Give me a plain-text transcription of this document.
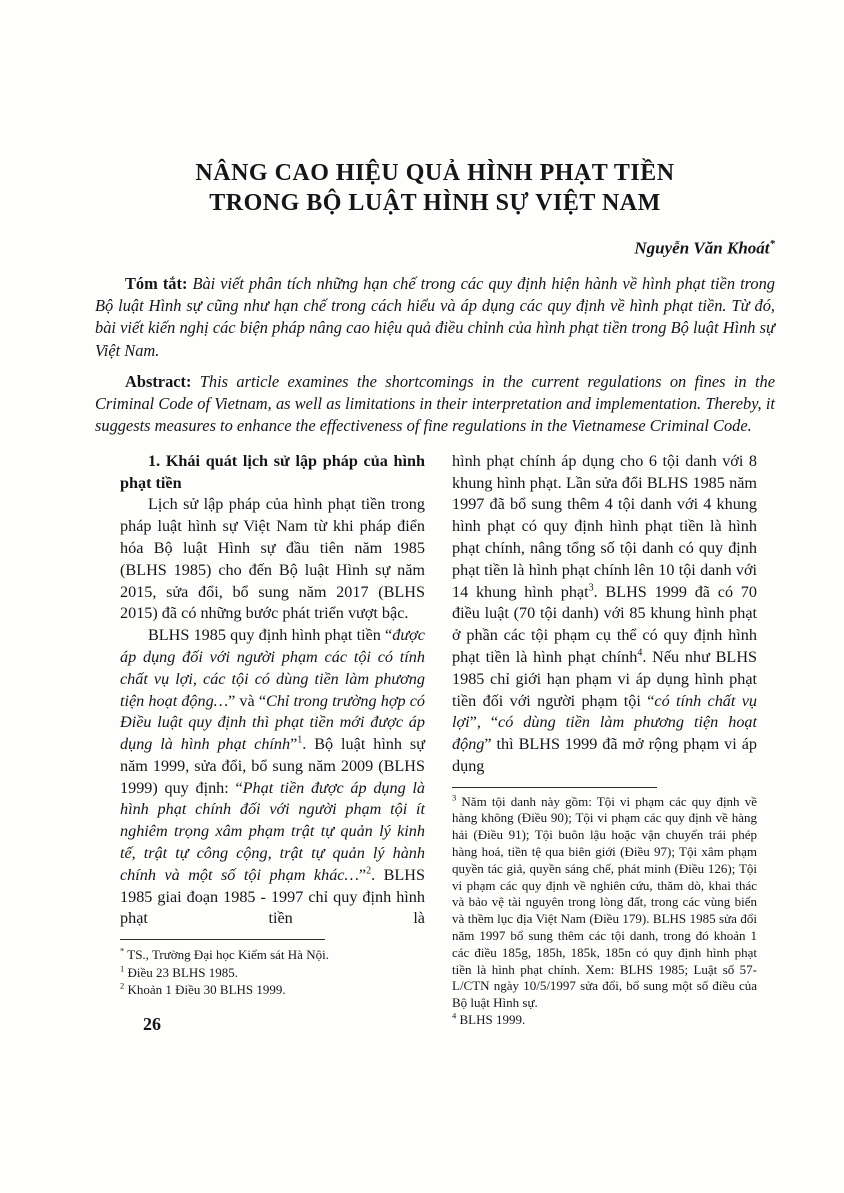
NÂNG CAO HIỆU QUẢ HÌNH PHẠT TIỀN
TRONG BỘ LUẬT HÌNH SỰ VIỆT NAM
Nguyễn Văn Khoát*

Tóm tắt: Bài viết phân tích những hạn chế trong các quy định hiện hành về hình phạt tiền trong Bộ luật Hình sự cũng như hạn chế trong cách hiểu và áp dụng các quy định về hình phạt tiền. Từ đó, bài viết kiến nghị các biện pháp nâng cao hiệu quả điều chỉnh của hình phạt tiền trong Bộ luật Hình sự Việt Nam.

Abstract: This article examines the shortcomings in the current regulations on fines in the Criminal Code of Vietnam, as well as limitations in their interpretation and implementation. Thereby, it suggests measures to enhance the effectiveness of fine regulations in the Vietnamese Criminal Code.

1. Khái quát lịch sử lập pháp của hình phạt tiền

Lịch sử lập pháp của hình phạt tiền trong pháp luật hình sự Việt Nam từ khi pháp điển hóa Bộ luật Hình sự đầu tiên năm 1985 (BLHS 1985) cho đến Bộ luật Hình sự năm 2015, sửa đổi, bổ sung năm 2017 (BLHS 2015) đã có những bước phát triển vượt bậc.

BLHS 1985 quy định hình phạt tiền “được áp dụng đối với người phạm các tội có tính chất vụ lợi, các tội có dùng tiền làm phương tiện hoạt động…” và “Chỉ trong trường hợp có Điều luật quy định thì phạt tiền mới được áp dụng là hình phạt chính”$^1$. Bộ luật hình sự năm 1999, sửa đổi, bổ sung năm 2009 (BLHS 1999) quy định: “Phạt tiền được áp dụng là hình phạt chính đối với người phạm tội ít nghiêm trọng xâm phạm trật tự quản lý kinh tế, trật tự công cộng, trật tự quản lý hành chính và một số tội phạm khác…”$^2$. BLHS 1985 giai đoạn 1985 - 1997 chỉ quy định hình phạt tiền là

* TS., Trường Đại học Kiểm sát Hà Nội.

$^1$ Điều 23 BLHS 1985.

$^2$ Khoản 1 Điều 30 BLHS 1999.

26

hình phạt chính áp dụng cho 6 tội danh với 8 khung hình phạt. Lần sửa đổi BLHS 1985 năm 1997 đã bổ sung thêm 4 tội danh với 4 khung hình phạt có quy định hình phạt tiền là hình phạt chính, nâng tổng số tội danh có quy định phạt tiền là hình phạt chính lên 10 tội danh với 14 khung hình phạt$^3$. BLHS 1999 đã có 70 điều luật (70 tội danh) với 85 khung hình phạt ở phần các tội phạm cụ thể có quy định hình phạt tiền là hình phạt chính$^4$. Nếu như BLHS 1985 chỉ giới hạn phạm vi áp dụng hình phạt tiền đối với người phạm tội “có tính chất vụ lợi”, “có dùng tiền làm phương tiện hoạt động” thì BLHS 1999 đã mở rộng phạm vi áp dụng

$^3$ Năm tội danh này gồm: Tội vi phạm các quy định về hàng không (Điều 90); Tội vi phạm các quy định về hàng hải (Điều 91); Tội buôn lậu hoặc vận chuyển trái phép hàng hoá, tiền tệ qua biên giới (Điều 97); Tội xâm phạm quyền tác giả, quyền sáng chế, phát minh (Điều 126); Tội vi phạm các quy định về nghiên cứu, thăm dò, khai thác và bảo vệ tài nguyên trong lòng đất, trong các vùng biển và thềm lục địa Việt Nam (Điều 179). BLHS 1985 sửa đổi năm 1997 bổ sung thêm các tội danh, trong đó khoản 1 các điều 185g, 185h, 185k, 185n có quy định hình phạt tiền là hình phạt chính. Xem: BLHS 1985; Luật số 57-L/CTN ngày 10/5/1997 sửa đổi, bổ sung một số điều của Bộ luật Hình sự.

$^4$ BLHS 1999.
